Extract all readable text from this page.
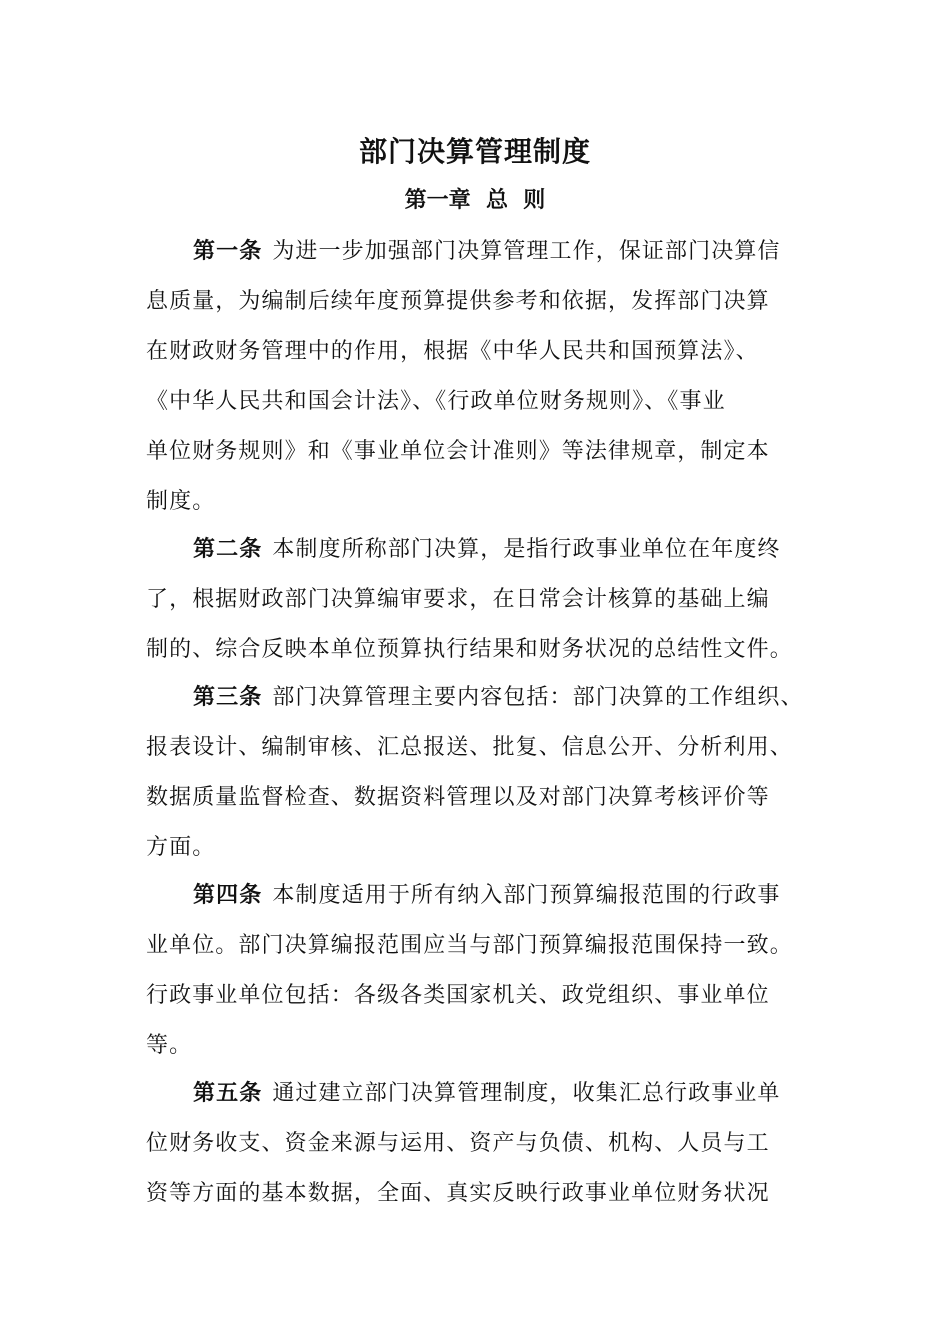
部门决算管理制度
第一章  总  则
第一条 为进一步加强部门决算管理工作，保证部门决算信
息质量，为编制后续年度预算提供参考和依据，发挥部门决算
在财政财务管理中的作用，根据《中华人民共和国预算法》、
《中华人民共和国会计法》、《行政单位财务规则》、《事业
单位财务规则》和《事业单位会计准则》等法律规章，制定本
制度。
第二条 本制度所称部门决算，是指行政事业单位在年度终
了，根据财政部门决算编审要求，在日常会计核算的基础上编
制的、综合反映本单位预算执行结果和财务状况的总结性文件。
第三条 部门决算管理主要内容包括：部门决算的工作组织、
报表设计、编制审核、汇总报送、批复、信息公开、分析利用、
数据质量监督检查、数据资料管理以及对部门决算考核评价等
方面。
第四条 本制度适用于所有纳入部门预算编报范围的行政事
业单位。部门决算编报范围应当与部门预算编报范围保持一致。
行政事业单位包括：各级各类国家机关、政党组织、事业单位
等。
第五条 通过建立部门决算管理制度，收集汇总行政事业单
位财务收支、资金来源与运用、资产与负债、机构、人员与工
资等方面的基本数据，全面、真实反映行政事业单位财务状况
